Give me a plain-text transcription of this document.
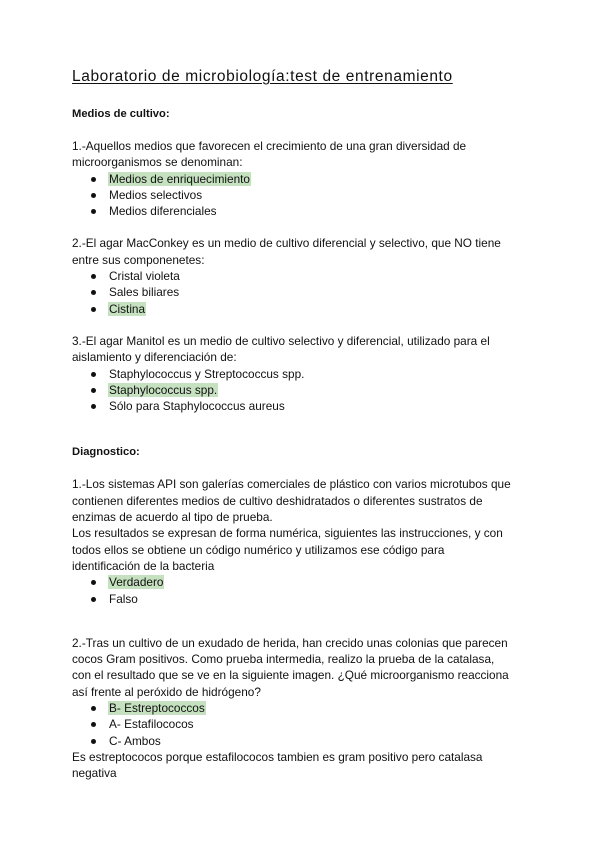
Laboratorio de microbiología:test de entrenamiento
Medios de cultivo:

1.-Aquellos medios que favorecen el crecimiento de una gran diversidad de

microorganismos se denominan:

Medios de enriquecimiento
Medios selectivos
Medios diferenciales

2.-El agar MacConkey es un medio de cultivo diferencial y selectivo, que NO tiene

entre sus componenetes:

Cristal violeta
Sales biliares
Cistina

3.-El agar Manitol es un medio de cultivo selectivo y diferencial, utilizado para el

aislamiento y diferenciación de:

Staphylococcus y Streptococcus spp.
Staphylococcus spp.
Sólo para Staphylococcus aureus
Diagnostico:

1.-Los sistemas API son galerías comerciales de plástico con varios microtubos que

contienen diferentes medios de cultivo deshidratados o diferentes sustratos de

enzimas de acuerdo al tipo de prueba.

Los resultados se expresan de forma numérica, siguientes las instrucciones, y con

todos ellos se obtiene un código numérico y utilizamos ese código para

identificación de la bacteria

Verdadero
Falso

2.-Tras un cultivo de un exudado de herida, han crecido unas colonias que parecen

cocos Gram positivos. Como prueba intermedia, realizo la prueba de la catalasa,

con el resultado que se ve en la siguiente imagen. ¿Qué microorganismo reacciona

así frente al peróxido de hidrógeno?

B- Estreptococcos
A- Estafilococos
C- Ambos

Es estreptococos porque estafilococos tambien es gram positivo pero catalasa

negativa
